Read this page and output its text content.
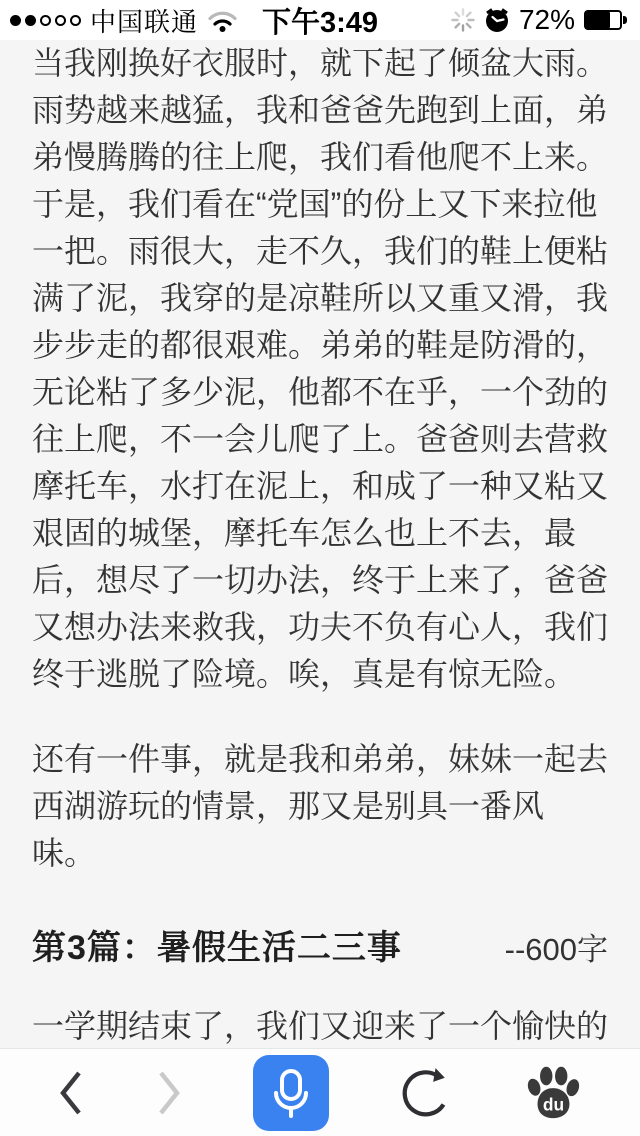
中国联通 下午3:49	72%
当我刚换好衣服时，就下起了倾盆大雨。
雨势越来越猛，我和爸爸先跑到上面，弟
弟慢腾腾的往上爬，我们看他爬不上来。
于是，我们看在“党国”的份上又下来拉他
一把。雨很大，走不久，我们的鞋上便粘
满了泥，我穿的是凉鞋所以又重又滑，我
步步走的都很艰难。弟弟的鞋是防滑的，
无论粘了多少泥，他都不在乎，一个劲的
往上爬，不一会儿爬了上。爸爸则去营救
摩托车，水打在泥上，和成了一种又粘又
艰固的城堡，摩托车怎么也上不去，最
后，想尽了一切办法，终于上来了，爸爸
又想办法来救我，功夫不负有心人，我们
终于逃脱了险境。唉，真是有惊无险。
还有一件事，就是我和弟弟，妹妹一起去
西湖游玩的情景，那又是别具一番风
味。
第3篇：暑假生活二三事	--600字
一学期结束了，我们又迎来了一个愉快的
du
